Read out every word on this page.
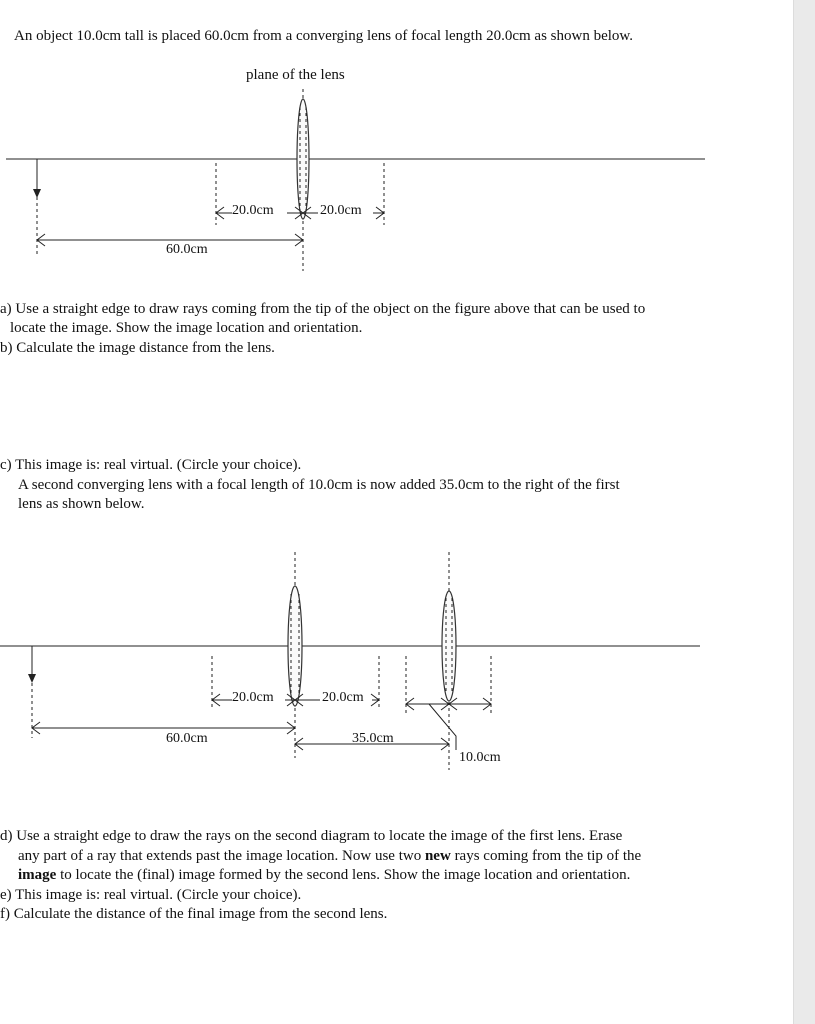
An object 10.0cm tall is placed 60.0cm from a converging lens of focal length 20.0cm as shown below.
plane of the lens
20.0cm	20.0cm
60.0cm
a) Use a straight edge to draw rays coming from the tip of the object on the figure above that can be used to
locate the image. Show the image location and orientation.
b) Calculate the image distance from the lens.
c) This image is: real virtual. (Circle your choice).
A second converging lens with a focal length of 10.0cm is now added 35.0cm to the right of the first
lens as shown below.
20.0cm	20.0cm
60.0cm	35.0cm
10.0cm
d) Use a straight edge to draw the rays on the second diagram to locate the image of the first lens. Erase
any part of a ray that extends past the image location. Now use two new rays coming from the tip of the
image to locate the (final) image formed by the second lens. Show the image location and orientation.
e) This image is: real virtual. (Circle your choice).
f) Calculate the distance of the final image from the second lens.
